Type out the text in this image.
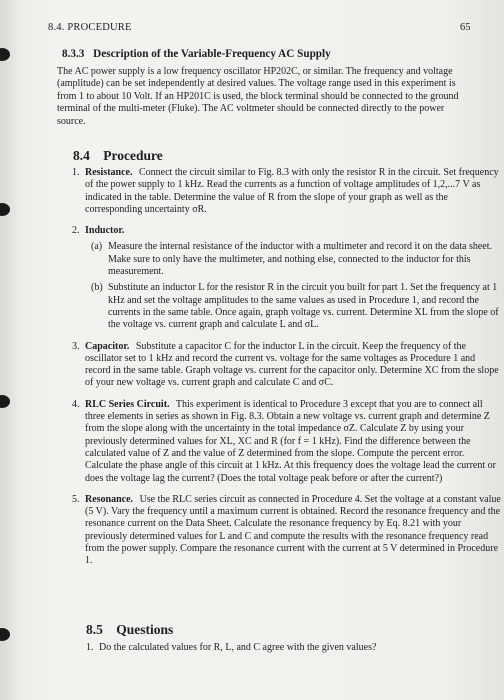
8.4. PROCEDURE	65
8.3.3 Description of the Variable-Frequency AC Supply

The AC power supply is a low frequency oscillator HP202C, or similar. The frequency and voltage (amplitude) can be set independently at desired values. The voltage range used in this experiment is from 1 to about 10 Volt. If an HP201C is used, the block terminal should be connected to the ground terminal of the multi-meter (Fluke). The AC voltmeter should be connected directly to the power source.

8.4 Procedure
1. Resistance. Connect the circuit similar to Fig. 8.3 with only the resistor R in the circuit. Set frequency of the power supply to 1 kHz. Read the currents as a function of voltage amplitudes of 1,2,...7 V as indicated in the table. Determine the value of R from the slope of your graph as well as the corresponding uncertainty σR.
2. Inductor.
(a) Measure the internal resistance of the inductor with a multimeter and record it on the data sheet. Make sure to only have the multimeter, and nothing else, connected to the inductor for this measurement.
(b) Substitute an inductor L for the resistor R in the circuit you built for part 1. Set the frequency at 1 kHz and set the voltage amplitudes to the same values as used in Procedure 1, and record the currents in the same table. Once again, graph voltage vs. current. Determine XL from the slope of the voltage vs. current graph and calculate L and σL.
3. Capacitor. Substitute a capacitor C for the inductor L in the circuit. Keep the frequency of the oscillator set to 1 kHz and record the current vs. voltage for the same voltages as Procedure 1 and record in the same table. Graph voltage vs. current for the capacitor only. Determine XC from the slope of your new voltage vs. current graph and calculate C and σC.
4. RLC Series Circuit. This experiment is identical to Procedure 3 except that you are to connect all three elements in series as shown in Fig. 8.3. Obtain a new voltage vs. current graph and determine Z from the slope along with the uncertainty in the total impedance σZ. Calculate Z by using your previously determined values for XL, XC and R (for f = 1 kHz). Find the difference between the calculated value of Z and the value of Z determined from the slope. Compute the percent error. Calculate the phase angle of this circuit at 1 kHz. At this frequency does the voltage lead the current or does the voltage lag the current? (Does the total voltage peak before or after the current?)
5. Resonance. Use the RLC series circuit as connected in Procedure 4. Set the voltage at a constant value (5 V). Vary the frequency until a maximum current is obtained. Record the resonance frequency and the resonance current on the Data Sheet. Calculate the resonance frequency by Eq. 8.21 with your previously determined values for L and C and compute the results with the resonance frequency read from the power supply. Compare the resonance current with the current at 5 V determined in Procedure 1.
8.5 Questions
1. Do the calculated values for R, L, and C agree with the given values?
